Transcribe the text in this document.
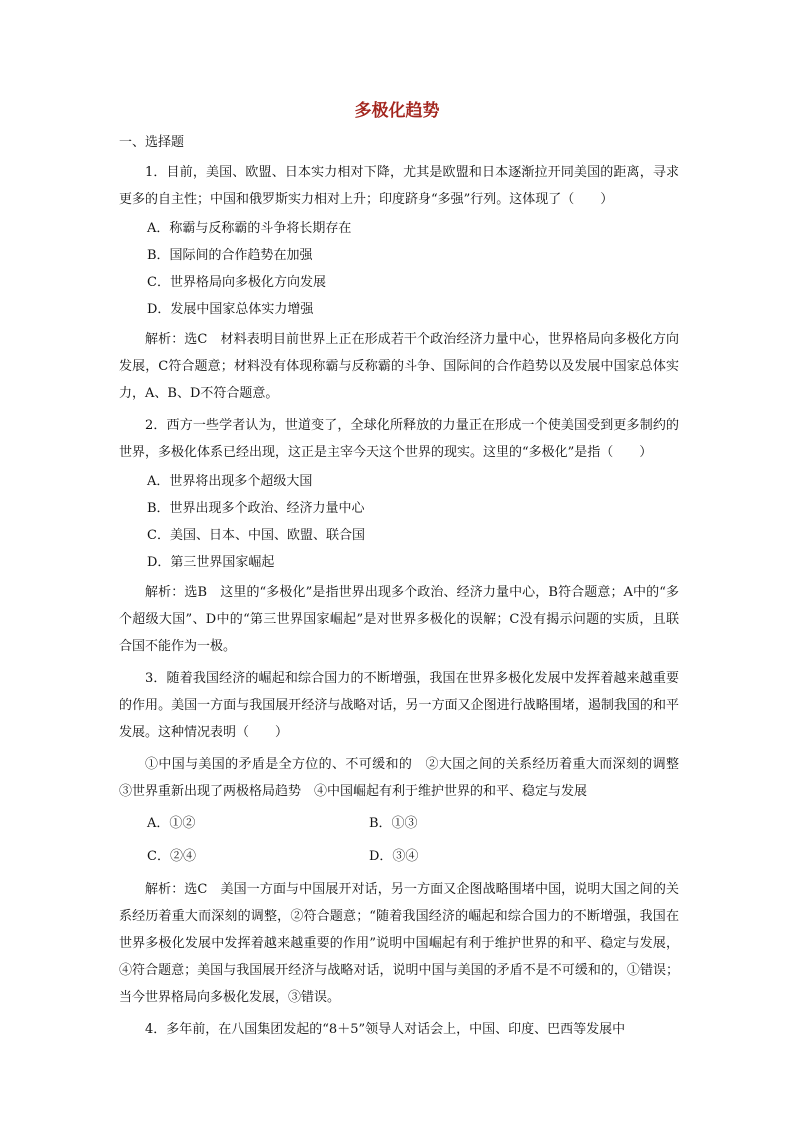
多极化趋势
一、选择题
1．目前，美国、欧盟、日本实力相对下降，尤其是欧盟和日本逐渐拉开同美国的距离，寻求更多的自主性；中国和俄罗斯实力相对上升；印度跻身“多强”行列。这体现了（　　）
A．称霸与反称霸的斗争将长期存在
B．国际间的合作趋势在加强
C．世界格局向多极化方向发展
D．发展中国家总体实力增强
解析：选C　材料表明目前世界上正在形成若干个政治经济力量中心，世界格局向多极化方向发展，C符合题意；材料没有体现称霸与反称霸的斗争、国际间的合作趋势以及发展中国家总体实力，A、B、D不符合题意。
2．西方一些学者认为，世道变了，全球化所释放的力量正在形成一个使美国受到更多制约的世界，多极化体系已经出现，这正是主宰今天这个世界的现实。这里的“多极化”是指（　　）
A．世界将出现多个超级大国
B．世界出现多个政治、经济力量中心
C．美国、日本、中国、欧盟、联合国
D．第三世界国家崛起
解析：选B　这里的“多极化”是指世界出现多个政治、经济力量中心，B符合题意；A中的“多个超级大国”、D中的“第三世界国家崛起”是对世界多极化的误解；C没有揭示问题的实质，且联合国不能作为一极。
3．随着我国经济的崛起和综合国力的不断增强，我国在世界多极化发展中发挥着越来越重要的作用。美国一方面与我国展开经济与战略对话，另一方面又企图进行战略围堵，遏制我国的和平发展。这种情况表明（　　）
①中国与美国的矛盾是全方位的、不可缓和的　②大国之间的关系经历着重大而深刻的调整　③世界重新出现了两极格局趋势　④中国崛起有利于维护世界的和平、稳定与发展
A．①②	B．①③
C．②④	D．③④
解析：选C　美国一方面与中国展开对话，另一方面又企图战略围堵中国，说明大国之间的关系经历着重大而深刻的调整，②符合题意；“随着我国经济的崛起和综合国力的不断增强，我国在世界多极化发展中发挥着越来越重要的作用”说明中国崛起有利于维护世界的和平、稳定与发展，④符合题意；美国与我国展开经济与战略对话，说明中国与美国的矛盾不是不可缓和的，①错误；当今世界格局向多极化发展，③错误。
4．多年前，在八国集团发起的“8＋5”领导人对话会上，中国、印度、巴西等发展中
